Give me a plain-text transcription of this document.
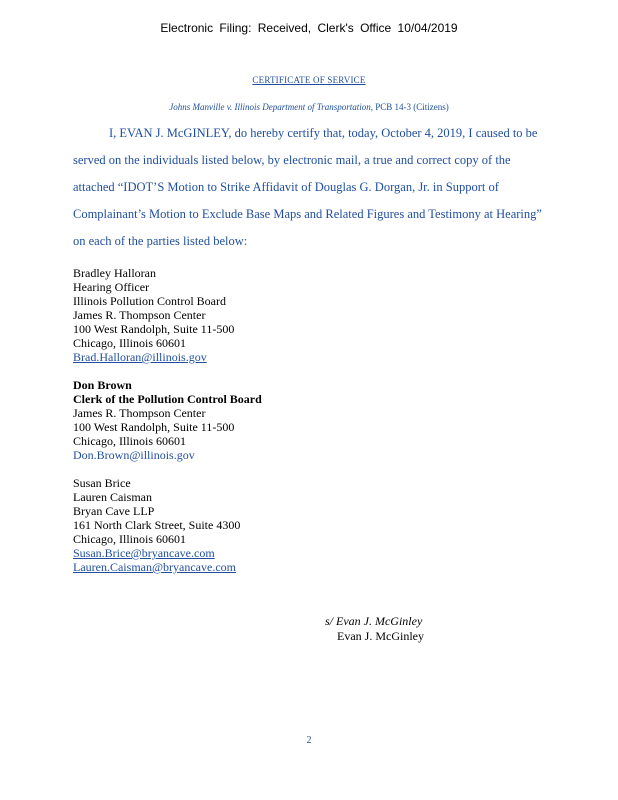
Electronic Filing: Received, Clerk's Office 10/04/2019
CERTIFICATE OF SERVICE
Johns Manville v. Illinois Department of Transportation, PCB 14-3 (Citizens)

I, EVAN J. McGINLEY, do hereby certify that, today, October 4, 2019, I caused to be served on the individuals listed below, by electronic mail, a true and correct copy of the attached “IDOT’S Motion to Strike Affidavit of Douglas G. Dorgan, Jr. in Support of Complainant’s Motion to Exclude Base Maps and Related Figures and Testimony at Hearing” on each of the parties listed below:

Bradley Halloran
Hearing Officer
Illinois Pollution Control Board
James R. Thompson Center
100 West Randolph, Suite 11-500
Chicago, Illinois 60601
Brad.Halloran@illinois.gov
Don Brown
Clerk of the Pollution Control Board
James R. Thompson Center
100 West Randolph, Suite 11-500
Chicago, Illinois 60601
Don.Brown@illinois.gov
Susan Brice
Lauren Caisman
Bryan Cave LLP
161 North Clark Street, Suite 4300
Chicago, Illinois 60601
Susan.Brice@bryancave.com
Lauren.Caisman@bryancave.com
s/ Evan J. McGinley
Evan J. McGinley
2
